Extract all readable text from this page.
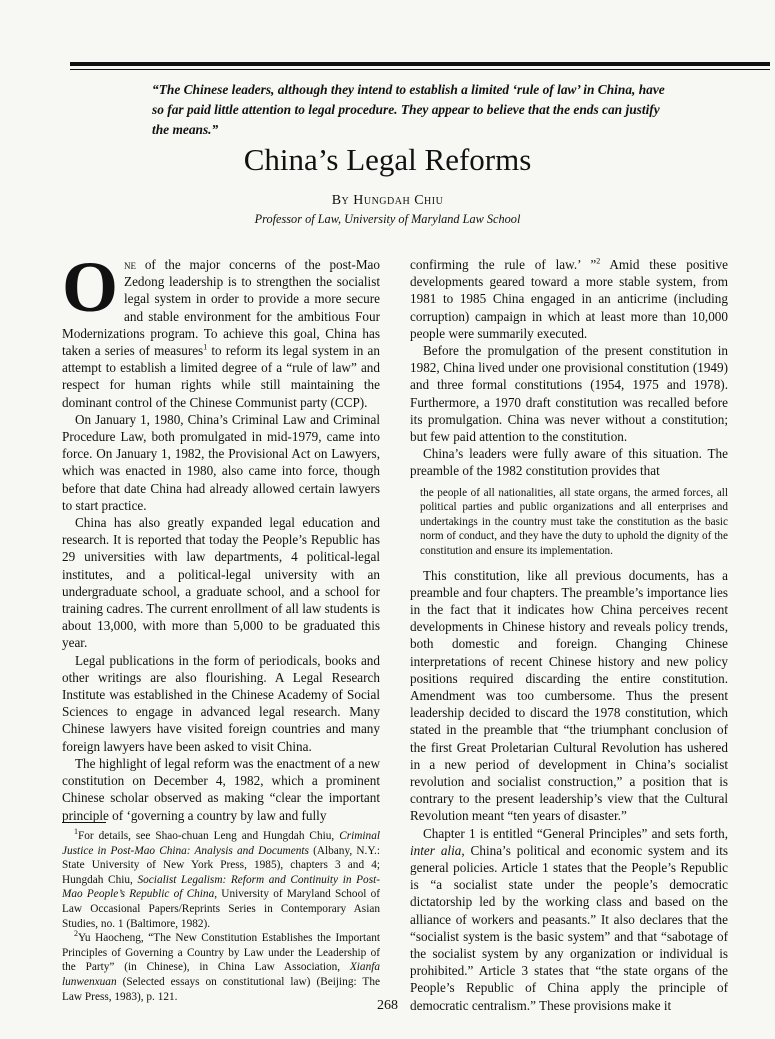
“The Chinese leaders, although they intend to establish a limited ‘rule of law’ in China, have so far paid little attention to legal procedure. They appear to believe that the ends can justify the means.”
China’s Legal Reforms
By Hungdah Chiu
Professor of Law, University of Maryland Law School

One of the major concerns of the post-Mao Zedong leadership is to strengthen the socialist legal system in order to provide a more secure and stable environment for the ambitious Four Modernizations program. To achieve this goal, China has taken a series of measures$^1$ to reform its legal system in an attempt to establish a limited degree of a “rule of law” and respect for human rights while still maintaining the dominant control of the Chinese Communist party (CCP).

On January 1, 1980, China’s Criminal Law and Criminal Procedure Law, both promulgated in mid-1979, came into force. On January 1, 1982, the Provisional Act on Lawyers, which was enacted in 1980, also came into force, though before that date China had already allowed certain lawyers to start practice.

China has also greatly expanded legal education and research. It is reported that today the People’s Republic has 29 universities with law departments, 4 political-legal institutes, and a political-legal university with an undergraduate school, a graduate school, and a school for training cadres. The current enrollment of all law students is about 13,000, with more than 5,000 to be graduated this year.

Legal publications in the form of periodicals, books and other writings are also flourishing. A Legal Research Institute was established in the Chinese Academy of Social Sciences to engage in advanced legal research. Many Chinese lawyers have visited foreign countries and many foreign lawyers have been asked to visit China.

The highlight of legal reform was the enactment of a new constitution on December 4, 1982, which a prominent Chinese scholar observed as making “clear the important principle of ‘governing a country by law and fully

$^1$For details, see Shao-chuan Leng and Hungdah Chiu, Criminal Justice in Post-Mao China: Analysis and Documents (Albany, N.Y.: State University of New York Press, 1985), chapters 3 and 4; Hungdah Chiu, Socialist Legalism: Reform and Continuity in Post-Mao People’s Republic of China, University of Maryland School of Law Occasional Papers/Reprints Series in Contemporary Asian Studies, no. 1 (Baltimore, 1982).

$^2$Yu Haocheng, “The New Constitution Establishes the Important Principles of Governing a Country by Law under the Leadership of the Party” (in Chinese), in China Law Association, Xianfa lunwenxuan (Selected essays on constitutional law) (Beijing: The Law Press, 1983), p. 121.

confirming the rule of law.’ ”$^2$ Amid these positive developments geared toward a more stable system, from 1981 to 1985 China engaged in an anticrime (including corruption) campaign in which at least more than 10,000 people were summarily executed.

Before the promulgation of the present constitution in 1982, China lived under one provisional constitution (1949) and three formal constitutions (1954, 1975 and 1978). Furthermore, a 1970 draft constitution was recalled before its promulgation. China was never without a constitution; but few paid attention to the constitution.

China’s leaders were fully aware of this situation. The preamble of the 1982 constitution provides that

the people of all nationalities, all state organs, the armed forces, all political parties and public organizations and all enterprises and undertakings in the country must take the constitution as the basic norm of conduct, and they have the duty to uphold the dignity of the constitution and ensure its implementation.

This constitution, like all previous documents, has a preamble and four chapters. The preamble’s importance lies in the fact that it indicates how China perceives recent developments in Chinese history and reveals policy trends, both domestic and foreign. Changing Chinese interpretations of recent Chinese history and new policy positions required discarding the entire constitution. Amendment was too cumbersome. Thus the present leadership decided to discard the 1978 constitution, which stated in the preamble that “the triumphant conclusion of the first Great Proletarian Cultural Revolution has ushered in a new period of development in China’s socialist revolution and socialist construction,” a position that is contrary to the present leadership’s view that the Cultural Revolution meant “ten years of disaster.”

Chapter 1 is entitled “General Principles” and sets forth, inter alia, China’s political and economic system and its general policies. Article 1 states that the People’s Republic is “a socialist state under the people’s democratic dictatorship led by the working class and based on the alliance of workers and peasants.” It also declares that the “socialist system is the basic system” and that “sabotage of the socialist system by any organization or individual is prohibited.” Article 3 states that “the state organs of the People’s Republic of China apply the principle of democratic centralism.” These provisions make it

268
